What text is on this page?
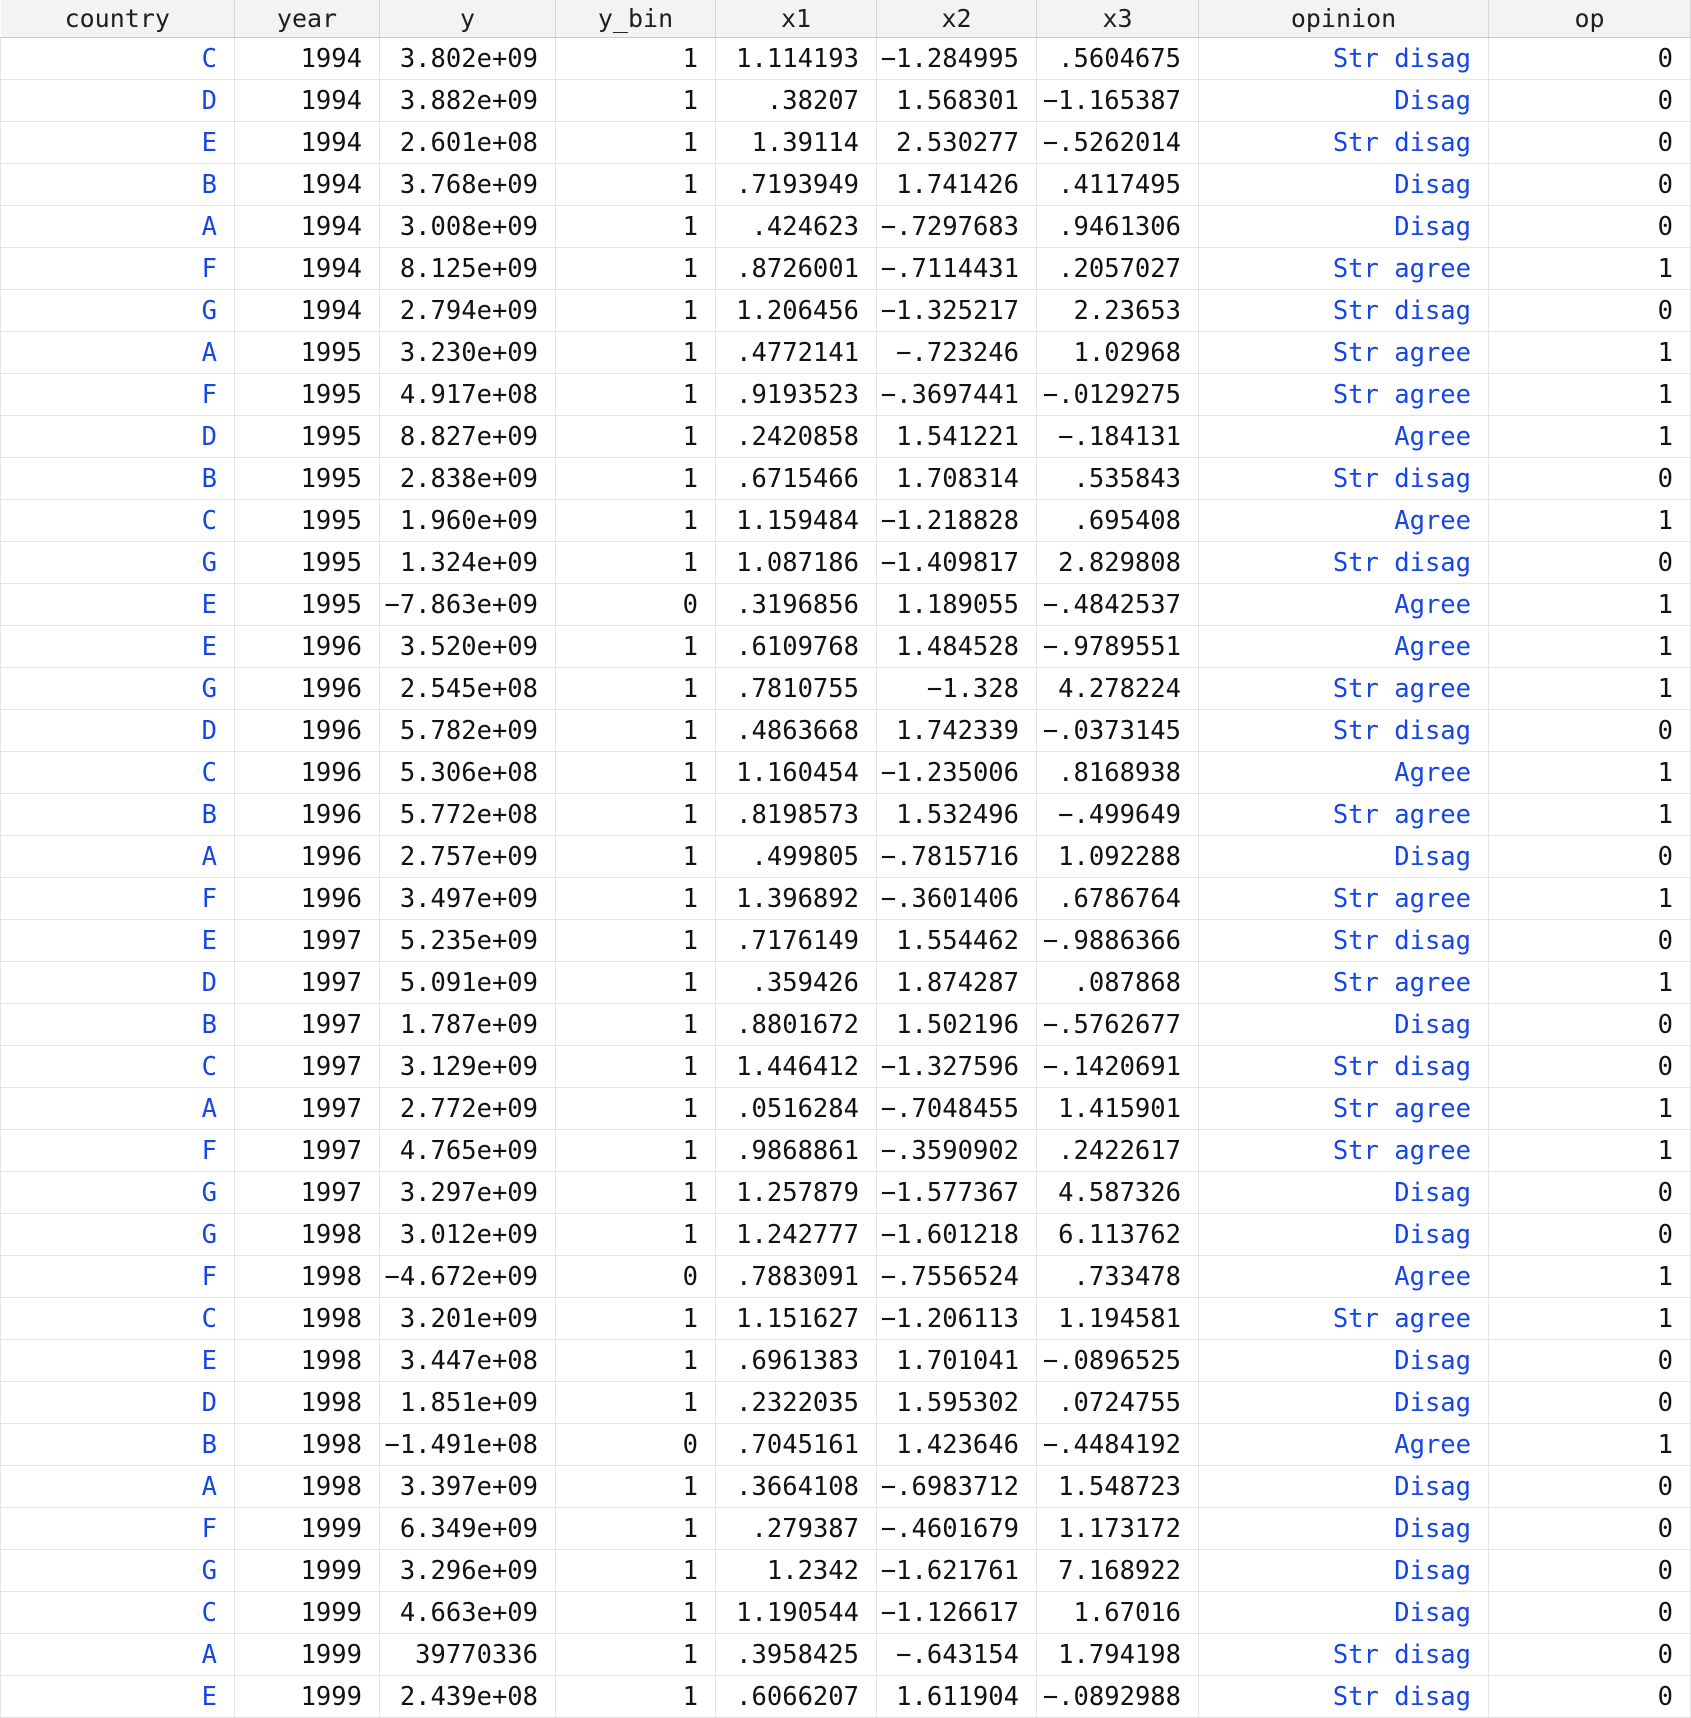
country	year	y	y_bin	x1	x2	x3	opinion	op
C	1994	3.802e+09	1	1.114193	−1.284995	.5604675	Str disag	0
D	1994	3.882e+09	1	.38207	1.568301	−1.165387	Disag	0
E	1994	2.601e+08	1	1.39114	2.530277	−.5262014	Str disag	0
B	1994	3.768e+09	1	.7193949	1.741426	.4117495	Disag	0
A	1994	3.008e+09	1	.424623	−.7297683	.9461306	Disag	0
F	1994	8.125e+09	1	.8726001	−.7114431	.2057027	Str agree	1
G	1994	2.794e+09	1	1.206456	−1.325217	2.23653	Str disag	0
A	1995	3.230e+09	1	.4772141	−.723246	1.02968	Str agree	1
F	1995	4.917e+08	1	.9193523	−.3697441	−.0129275	Str agree	1
D	1995	8.827e+09	1	.2420858	1.541221	−.184131	Agree	1
B	1995	2.838e+09	1	.6715466	1.708314	.535843	Str disag	0
C	1995	1.960e+09	1	1.159484	−1.218828	.695408	Agree	1
G	1995	1.324e+09	1	1.087186	−1.409817	2.829808	Str disag	0
E	1995	−7.863e+09	0	.3196856	1.189055	−.4842537	Agree	1
E	1996	3.520e+09	1	.6109768	1.484528	−.9789551	Agree	1
G	1996	2.545e+08	1	.7810755	−1.328	4.278224	Str agree	1
D	1996	5.782e+09	1	.4863668	1.742339	−.0373145	Str disag	0
C	1996	5.306e+08	1	1.160454	−1.235006	.8168938	Agree	1
B	1996	5.772e+08	1	.8198573	1.532496	−.499649	Str agree	1
A	1996	2.757e+09	1	.499805	−.7815716	1.092288	Disag	0
F	1996	3.497e+09	1	1.396892	−.3601406	.6786764	Str agree	1
E	1997	5.235e+09	1	.7176149	1.554462	−.9886366	Str disag	0
D	1997	5.091e+09	1	.359426	1.874287	.087868	Str agree	1
B	1997	1.787e+09	1	.8801672	1.502196	−.5762677	Disag	0
C	1997	3.129e+09	1	1.446412	−1.327596	−.1420691	Str disag	0
A	1997	2.772e+09	1	.0516284	−.7048455	1.415901	Str agree	1
F	1997	4.765e+09	1	.9868861	−.3590902	.2422617	Str agree	1
G	1997	3.297e+09	1	1.257879	−1.577367	4.587326	Disag	0
G	1998	3.012e+09	1	1.242777	−1.601218	6.113762	Disag	0
F	1998	−4.672e+09	0	.7883091	−.7556524	.733478	Agree	1
C	1998	3.201e+09	1	1.151627	−1.206113	1.194581	Str agree	1
E	1998	3.447e+08	1	.6961383	1.701041	−.0896525	Disag	0
D	1998	1.851e+09	1	.2322035	1.595302	.0724755	Disag	0
B	1998	−1.491e+08	0	.7045161	1.423646	−.4484192	Agree	1
A	1998	3.397e+09	1	.3664108	−.6983712	1.548723	Disag	0
F	1999	6.349e+09	1	.279387	−.4601679	1.173172	Disag	0
G	1999	3.296e+09	1	1.2342	−1.621761	7.168922	Disag	0
C	1999	4.663e+09	1	1.190544	−1.126617	1.67016	Disag	0
A	1999	39770336	1	.3958425	−.643154	1.794198	Str disag	0
E	1999	2.439e+08	1	.6066207	1.611904	−.0892988	Str disag	0
